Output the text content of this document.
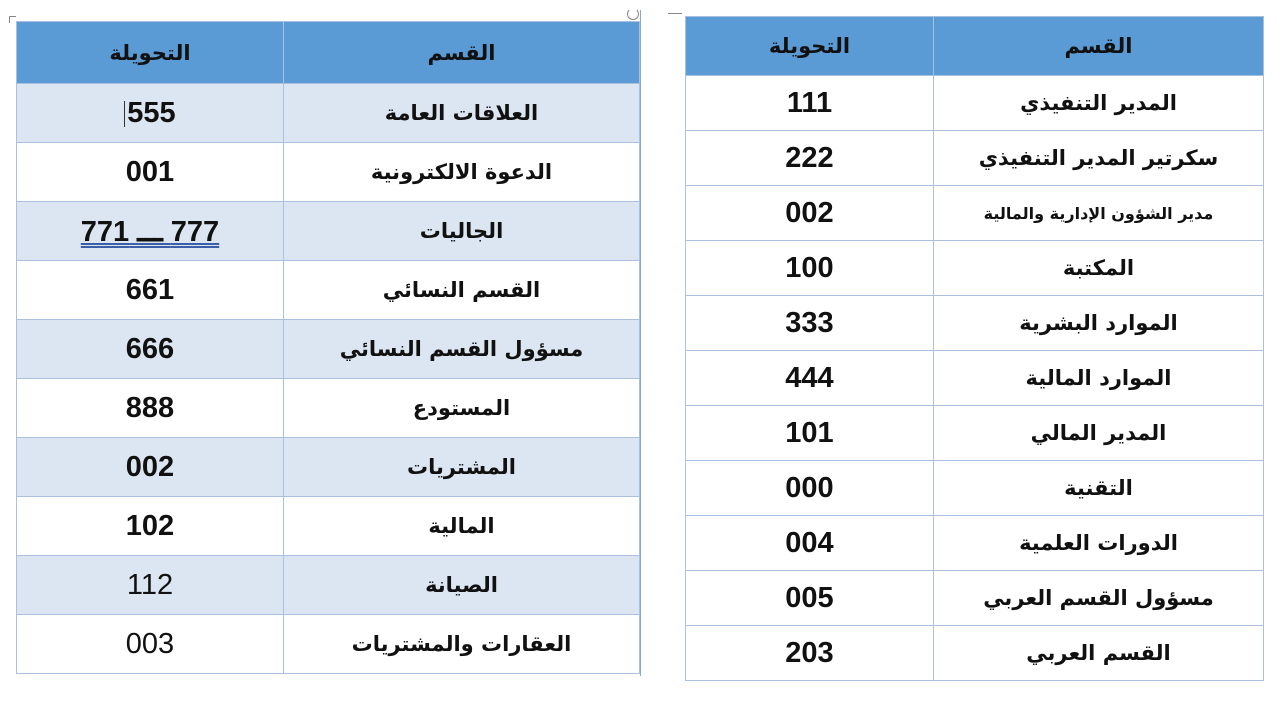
التحويلة	القسم
555	العلاقات العامة
001	الدعوة الالكترونية
777 ـــ 771	الجاليات
661	القسم النسائي
666	مسؤول القسم النسائي
888	المستودع
002	المشتريات
102	المالية
112	الصيانة
003	العقارات والمشتريات
التحويلة	القسم
111	المدير التنفيذي
222	سكرتير المدير التنفيذي
002	مدير الشؤون الإدارية والمالية
100	المكتبة
333	الموارد البشرية
444	الموارد المالية
101	المدير المالي
000	التقنية
004	الدورات العلمية
005	مسؤول القسم العربي
203	القسم العربي
